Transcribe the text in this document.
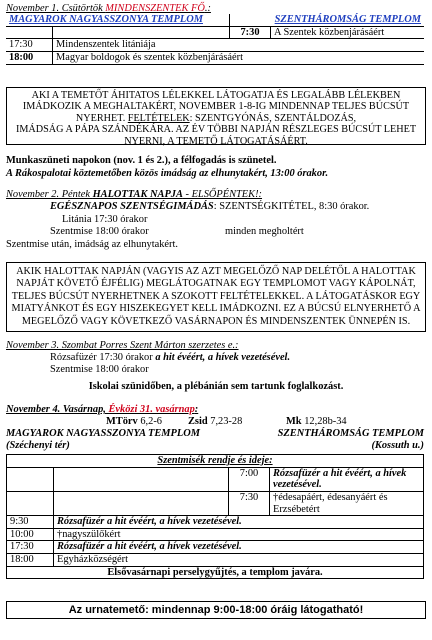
November 1. Csütörtök MINDENSZENTEK FŐ.:
MAGYAROK NAGYASSZONYA TEMPLOM		SZENTHÁROMSÁG TEMPLOM	
		7:30	A Szentek közbenjárásáért
17:30	Mindenszentek litániája		
18:00	Magyar boldogok és szentek közbenjárásáért		
AKI A TEMETŐT ÁHITATOS LÉLEKKEL LÁTOGATJA ÉS LEGALÁBB LÉLEKBEN
IMÁDKOZIK A MEGHALTAKÉRT, NOVEMBER 1-8-IG MINDENNAP TELJES BÚCSÚT
NYERHET. FELTÉTELEK: SZENTGYÓNÁS, SZENTÁLDOZÁS,
IMÁDSÁG A PÁPA SZÁNDÉKÁRA. AZ ÉV TÖBBI NAPJÁN RÉSZLEGES BÚCSÚT LEHET
NYERNI, A TEMETŐ LÁTOGATÁSÁÉRT.
Munkaszüneti napokon (nov. 1 és 2.), a félfogadás is szünetel.
A Rákospalotai köztemetőben közös imádság az elhunytakért, 13:00 órakor.
November 2. Péntek HALOTTAK NAPJA - ELSŐPÉNTEK!:
EGÉSZNAPOS SZENTSÉGIMÁDÁS: SZENTSÉGKITÉTEL, 8:30 órakor.
Litánia 17:30 órakor
Szentmise 18:00 órakor	minden megholtért
Szentmise után, imádság az elhunytakért.
AKIK HALOTTAK NAPJÁN (VAGYIS AZ AZT MEGELŐZŐ NAP DELÉTŐL A HALOTTAK
NAPJÁT KÖVETŐ ÉJFÉLIG) MEGLÁTOGATNAK EGY TEMPLOMOT VAGY KÁPOLNÁT,
TELJES BÚCSÚT NYERHETNEK A SZOKOTT FELTÉTELEKKEL. A LÁTOGATÁSKOR EGY
MIATYÁNKOT ÉS EGY HISZEKEGYET KELL IMÁDKOZNI. EZ A BÚCSÚ ELNYERHETŐ A
MEGELŐZŐ VAGY KÖVETKEZŐ VASÁRNAPON ÉS MINDENSZENTEK ÜNNEPÉN IS.
November 3. Szombat Porres Szent Márton szerzetes e.:
Rózsafüzér 17:30 órakor a hit évéért, a hívek vezetésével.
Szentmise 18:00 órakor
Iskolai szünidőben, a plébánián sem tartunk foglalkozást.
November 4. Vasárnap, Évközi 31. vasárnap:
MTörv 6,2-6 Zsid 7,23-28	Mk 12,28b-34
MAGYAROK NAGYASSZONYA TEMPLOM
(Széchenyi tér)
SZENTHÁROMSÁG TEMPLOM
(Kossuth u.)
Szentmisék rendje és ideje:			
		7:00	Rózsafüzér a hit évéért, a hívek vezetésével.
		7:30	†édesapáért, édesanyáért és Erzsébetért
9:30	Rózsafüzér a hit évéért, a hívek vezetésével.		
10:00	†nagyszülőkért		
17:30	Rózsafüzér a hit évéért, a hívek vezetésével.		
18:00	Egyházközségért		
Elsővasárnapi perselygyűjtés, a templom javára.			
Az urnatemető: mindennap 9:00-18:00 óráig látogatható!
